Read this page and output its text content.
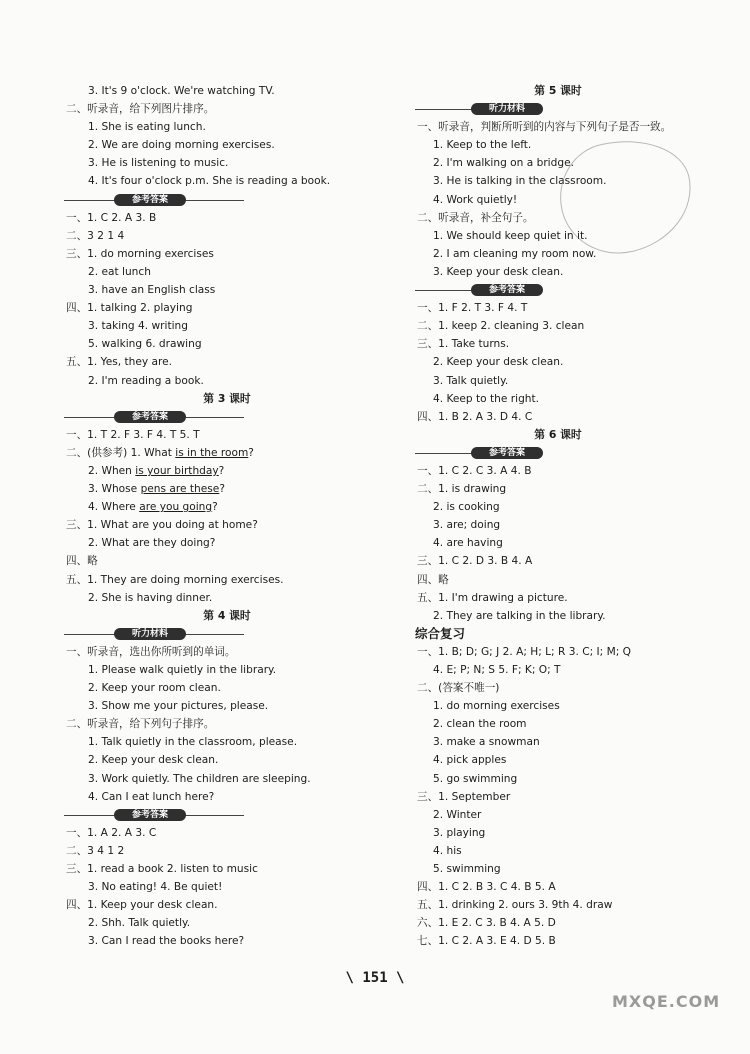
3. It's 9 o'clock. We're watching TV.
二、听录音，给下列图片排序。
1. She is eating lunch.
2. We are doing morning exercises.
3. He is listening to music.
4. It's four o'clock p.m. She is reading a book.
参考答案
一、1. C 2. A 3. B
二、3 2 1 4
三、1. do morning exercises
2. eat lunch
3. have an English class
四、1. talking 2. playing
3. taking 4. writing
5. walking 6. drawing
五、1. Yes, they are.
2. I'm reading a book.
第 3 课时
参考答案
一、1. T 2. F 3. F 4. T 5. T
二、(供参考) 1. What is in the room?
2. When is your birthday?
3. Whose pens are these?
4. Where are you going?
三、1. What are you doing at home?
2. What are they doing?
四、略
五、1. They are doing morning exercises.
2. She is having dinner.
第 4 课时
听力材料
一、听录音，选出你所听到的单词。
1. Please walk quietly in the library.
2. Keep your room clean.
3. Show me your pictures, please.
二、听录音，给下列句子排序。
1. Talk quietly in the classroom, please.
2. Keep your desk clean.
3. Work quietly. The children are sleeping.
4. Can I eat lunch here?
参考答案
一、1. A 2. A 3. C
二、3 4 1 2
三、1. read a book 2. listen to music
3. No eating! 4. Be quiet!
四、1. Keep your desk clean.
2. Shh. Talk quietly.
3. Can I read the books here?
第 5 课时
听力材料
一、听录音，判断所听到的内容与下列句子是否一致。
1. Keep to the left.
2. I'm walking on a bridge.
3. He is talking in the classroom.
4. Work quietly!
二、听录音，补全句子。
1. We should keep quiet in it.
2. I am cleaning my room now.
3. Keep your desk clean.
参考答案
一、1. F 2. T 3. F 4. T
二、1. keep 2. cleaning 3. clean
三、1. Take turns.
2. Keep your desk clean.
3. Talk quietly.
4. Keep to the right.
四、1. B 2. A 3. D 4. C
第 6 课时
参考答案
一、1. C 2. C 3. A 4. B
二、1. is drawing
2. is cooking
3. are; doing
4. are having
三、1. C 2. D 3. B 4. A
四、略
五、1. I'm drawing a picture.
2. They are talking in the library.
综合复习
一、1. B; D; G; J 2. A; H; L; R 3. C; I; M; Q
4. E; P; N; S 5. F; K; O; T
二、(答案不唯一)
1. do morning exercises
2. clean the room
3. make a snowman
4. pick apples
5. go swimming
三、1. September
2. Winter
3. playing
4. his
5. swimming
四、1. C 2. B 3. C 4. B 5. A
五、1. drinking 2. ours 3. 9th 4. draw
六、1. E 2. C 3. B 4. A 5. D
七、1. C 2. A 3. E 4. D 5. B
\ 151 \
MXQE.COM
